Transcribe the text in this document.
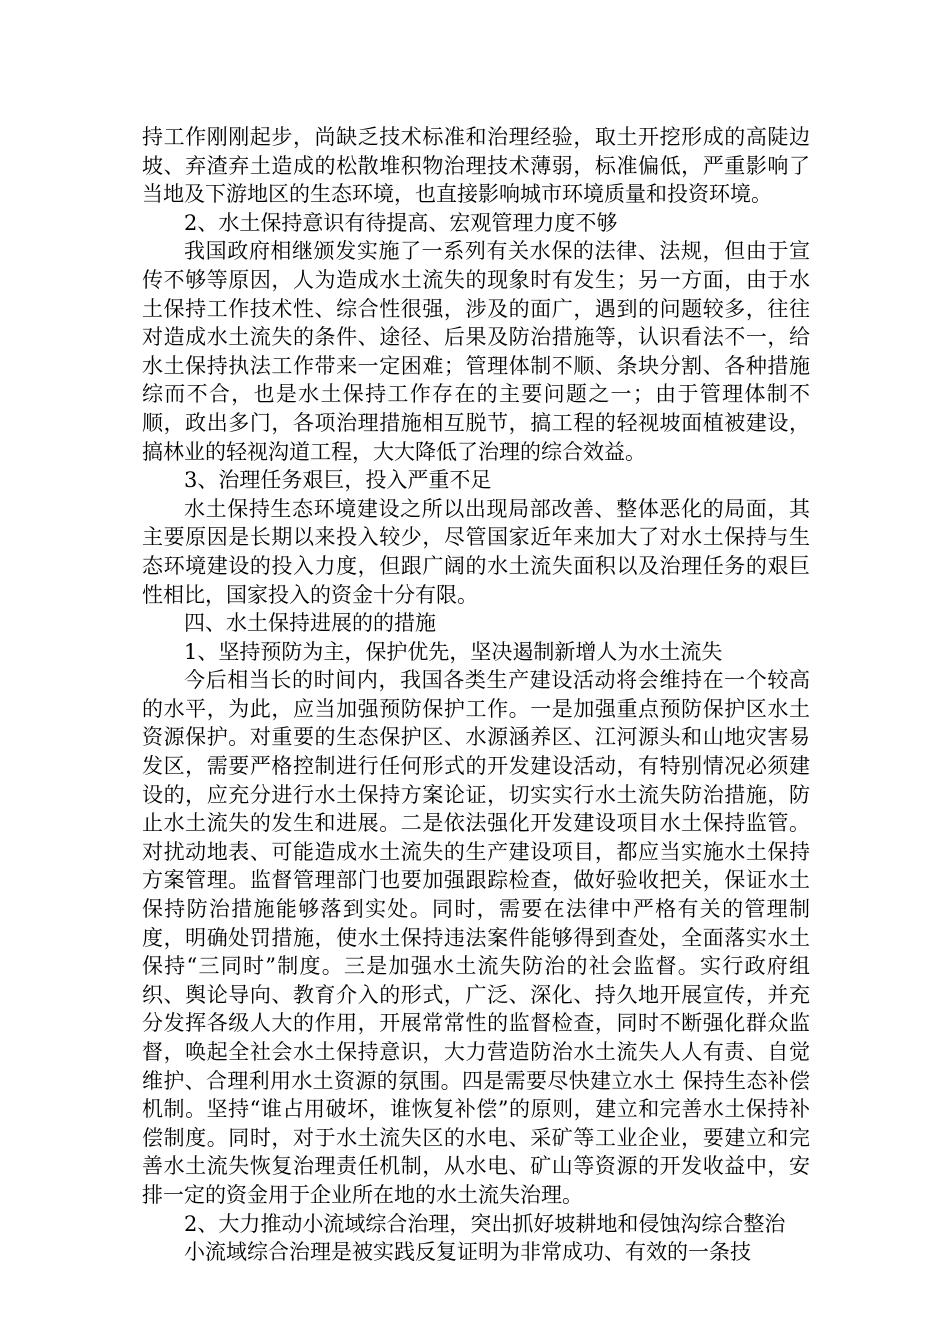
持工作刚刚起步，尚缺乏技术标准和治理经验，取土开挖形成的高陡边坡、弃渣弃土造成的松散堆积物治理技术薄弱，标准偏低，严重影响了当地及下游地区的生态环境，也直接影响城市环境质量和投资环境。

2、水土保持意识有待提高、宏观管理力度不够

我国政府相继颁发实施了一系列有关水保的法律、法规，但由于宣传不够等原因，人为造成水土流失的现象时有发生；另一方面，由于水土保持工作技术性、综合性很强，涉及的面广，遇到的问题较多，往往对造成水土流失的条件、途径、后果及防治措施等，认识看法不一，给水土保持执法工作带来一定困难；管理体制不顺、条块分割、各种措施综而不合，也是水土保持工作存在的主要问题之一；由于管理体制不顺，政出多门，各项治理措施相互脱节，搞工程的轻视坡面植被建设，搞林业的轻视沟道工程，大大降低了治理的综合效益。

3、治理任务艰巨，投入严重不足

水土保持生态环境建设之所以出现局部改善、整体恶化的局面，其主要原因是长期以来投入较少，尽管国家近年来加大了对水土保持与生态环境建设的投入力度，但跟广阔的水土流失面积以及治理任务的艰巨性相比，国家投入的资金十分有限。

四、水土保持进展的的措施

1、坚持预防为主，保护优先，坚决遏制新增人为水土流失

今后相当长的时间内，我国各类生产建设活动将会维持在一个较高的水平，为此，应当加强预防保护工作。一是加强重点预防保护区水土资源保护。对重要的生态保护区、水源涵养区、江河源头和山地灾害易发区，需要严格控制进行任何形式的开发建设活动，有特别情况必须建设的，应充分进行水土保持方案论证，切实实行水土流失防治措施，防止水土流失的发生和进展。二是依法强化开发建设项目水土保持监管。对扰动地表、可能造成水土流失的生产建设项目，都应当实施水土保持方案管理。监督管理部门也要加强跟踪检查，做好验收把关，保证水土保持防治措施能够落到实处。同时，需要在法律中严格有关的管理制度，明确处罚措施，使水土保持违法案件能够得到查处，全面落实水土保持“三同时”制度。三是加强水土流失防治的社会监督。实行政府组织、舆论导向、教育介入的形式，广泛、深化、持久地开展宣传，并充分发挥各级人大的作用，开展常常性的监督检查，同时不断强化群众监督，唤起全社会水土保持意识，大力营造防治水土流失人人有责、自觉维护、合理利用水土资源的氛围。四是需要尽快建立水土 保持生态补偿机制。坚持“谁占用破坏，谁恢复补偿”的原则，建立和完善水土保持补偿制度。同时，对于水土流失区的水电、采矿等工业企业，要建立和完善水土流失恢复治理责任机制，从水电、矿山等资源的开发收益中，安排一定的资金用于企业所在地的水土流失治理。

2、大力推动小流域综合治理，突出抓好坡耕地和侵蚀沟综合整治

小流域综合治理是被实践反复证明为非常成功、有效的一条技
